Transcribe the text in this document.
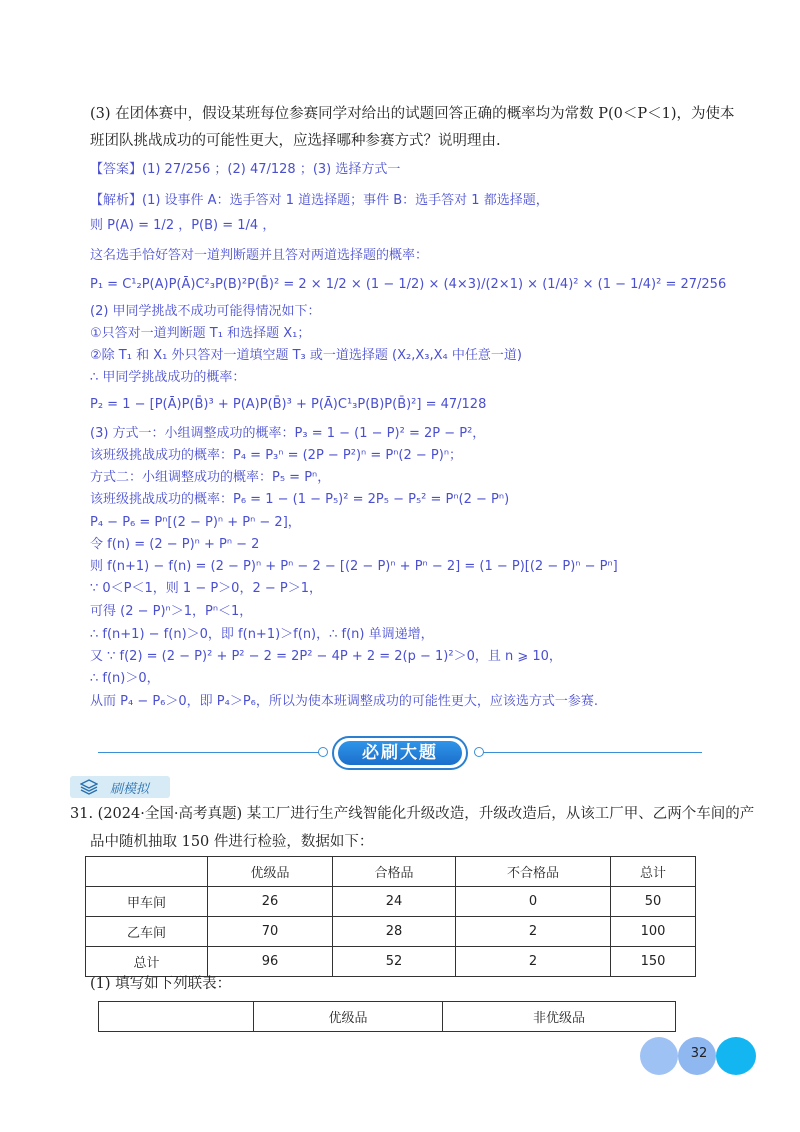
(3) 在团体赛中，假设某班每位参赛同学对给出的试题回答正确的概率均为常数 P(0＜P＜1)，为使本
班团队挑战成功的可能性更大，应选择哪种参赛方式？说明理由.
【答案】(1) 27/256 ；(2) 47/128 ；(3) 选择方式一
【解析】(1) 设事件 A：选手答对 1 道选择题；事件 B：选手答对 1 都选择题，
则 P(A) = 1/2 ，P(B) = 1/4 ，
这名选手恰好答对一道判断题并且答对两道选择题的概率：
P₁ = C¹₂P(A)P(Ā)C²₃P(B)²P(B̄)² = 2 × 1/2 × (1 − 1/2) × (4×3)/(2×1) × (1/4)² × (1 − 1/4)² = 27/256
(2) 甲同学挑战不成功可能得情况如下：
①只答对一道判断题 T₁ 和选择题 X₁；
②除 T₁ 和 X₁ 外只答对一道填空题 T₃ 或一道选择题 (X₂,X₃,X₄ 中任意一道)
∴ 甲同学挑战成功的概率：
P₂ = 1 − [P(Ā)P(B̄)³ + P(A)P(B̄)³ + P(Ā)C¹₃P(B)P(B̄)²] = 47/128
(3) 方式一：小组调整成功的概率：P₃ = 1 − (1 − P)² = 2P − P²，
该班级挑战成功的概率：P₄ = P₃ⁿ = (2P − P²)ⁿ = Pⁿ(2 − P)ⁿ；
方式二：小组调整成功的概率：P₅ = Pⁿ，
该班级挑战成功的概率：P₆ = 1 − (1 − P₅)² = 2P₅ − P₅² = Pⁿ(2 − Pⁿ)
P₄ − P₆ = Pⁿ[(2 − P)ⁿ + Pⁿ − 2]，
令 f(n) = (2 − P)ⁿ + Pⁿ − 2
则 f(n+1) − f(n) = (2 − P)ⁿ + Pⁿ − 2 − [(2 − P)ⁿ + Pⁿ − 2] = (1 − P)[(2 − P)ⁿ − Pⁿ]
∵ 0＜P＜1，则 1 − P＞0，2 − P＞1，
可得 (2 − P)ⁿ＞1，Pⁿ＜1，
∴ f(n+1) − f(n)＞0，即 f(n+1)＞f(n)，∴ f(n) 单调递增，
又 ∵ f(2) = (2 − P)² + P² − 2 = 2P² − 4P + 2 = 2(p − 1)²＞0，且 n ⩾ 10，
∴ f(n)＞0，
从而 P₄ − P₆＞0，即 P₄＞P₆，所以为使本班调整成功的可能性更大，应该选方式一参赛.
必刷大题
刷模拟
31. (2024·全国·高考真题) 某工厂进行生产线智能化升级改造，升级改造后，从该工厂甲、乙两个车间的产
品中随机抽取 150 件进行检验，数据如下：
	优级品	合格品	不合格品	总计
甲车间	26	24	0	50
乙车间	70	28	2	100
总计	96	52	2	150
(1) 填写如下列联表：
	优级品	非优级品
32
